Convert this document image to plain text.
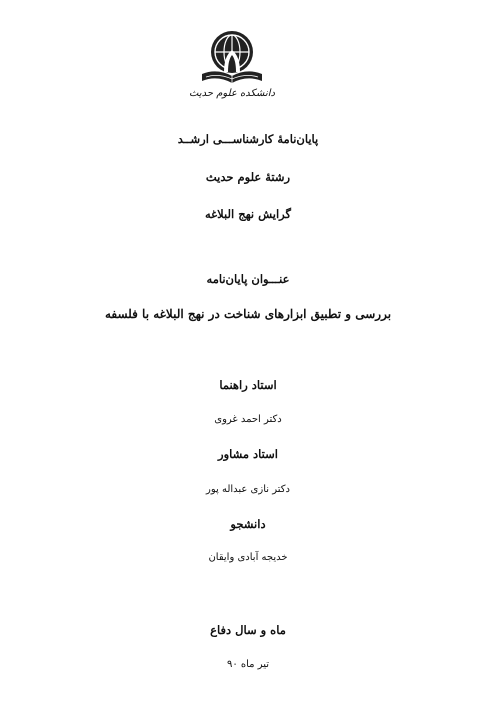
دانشکده علوم حدیث
پایان‌نامهٔ کارشناســـی ارشــد
رشتهٔ علوم حدیث
گرایش نهج البلاغه
عنـــوان پایان‌نامه
بررسی و تطبیق ابزارهای شناخت در نهج البلاغه با فلسفه
استاد راهنما
دکتر احمد غروی
استاد مشاور
دکتر نازی عبداله پور
دانشجو
خدیجه آبادی وایقان
ماه و سال دفاع
تیر ماه ۹۰
